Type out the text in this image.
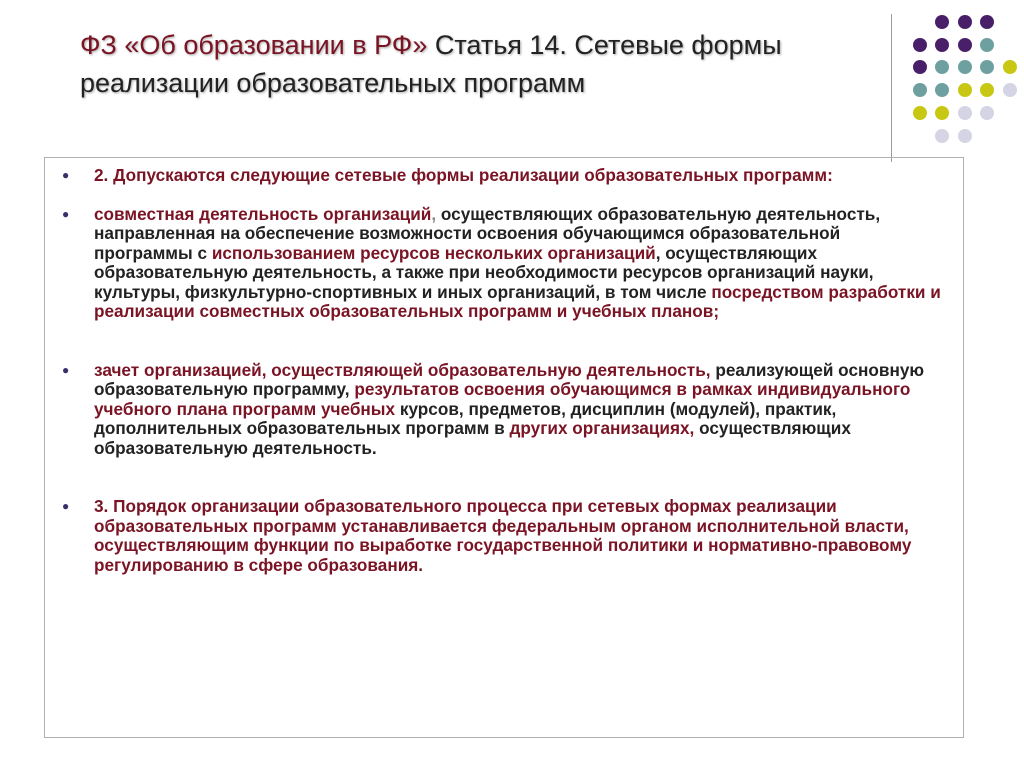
ФЗ «Об образовании в РФ» Статья 14. Сетевые формы реализации образовательных программ
● 2. Допускаются следующие сетевые формы реализации образовательных программ:
● совместная деятельность организаций, осуществляющих образовательную деятельность, направленная на обеспечение возможности освоения обучающимся образовательной программы с использованием ресурсов нескольких организаций, осуществляющих образовательную деятельность, а также при необходимости ресурсов организаций науки, культуры, физкультурно-спортивных и иных организаций, в том числе посредством разработки и реализации совместных образовательных программ и учебных планов;
● зачет организацией, осуществляющей образовательную деятельность, реализующей основную образовательную программу, результатов освоения обучающимся в рамках индивидуального учебного плана программ учебных курсов, предметов, дисциплин (модулей), практик, дополнительных образовательных программ в других организациях, осуществляющих образовательную деятельность.
● 3. Порядок организации образовательного процесса при сетевых формах реализации образовательных программ устанавливается федеральным органом исполнительной власти, осуществляющим функции по выработке государственной политики и нормативно-правовому регулированию в сфере образования.
